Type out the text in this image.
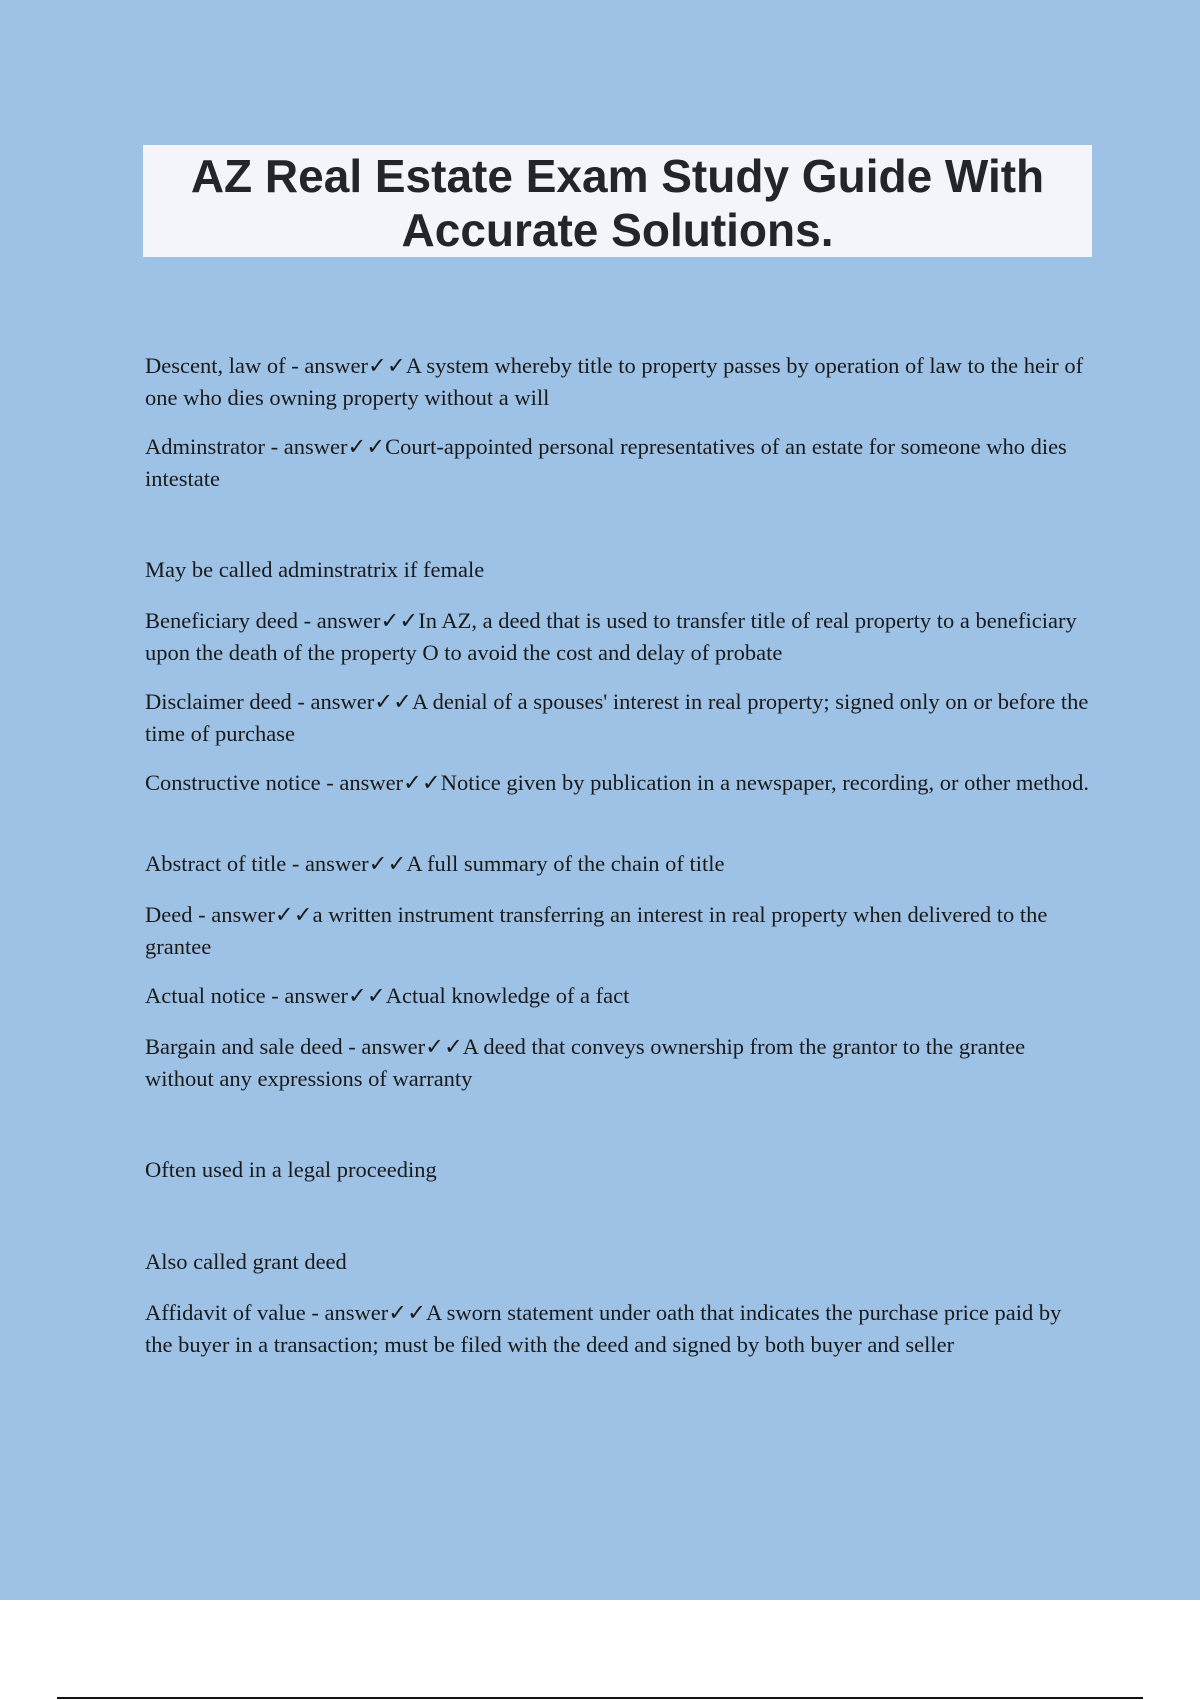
AZ Real Estate Exam Study Guide With Accurate Solutions.

Descent, law of - answer✓✓A system whereby title to property passes by operation of law to the heir of one who dies owning property without a will

Adminstrator - answer✓✓Court-appointed personal representatives of an estate for someone who dies intestate

May be called adminstratrix if female

Beneficiary deed - answer✓✓In AZ, a deed that is used to transfer title of real property to a beneficiary upon the death of the property O to avoid the cost and delay of probate

Disclaimer deed - answer✓✓A denial of a spouses' interest in real property; signed only on or before the time of purchase

Constructive notice - answer✓✓Notice given by publication in a newspaper, recording, or other method.

Abstract of title - answer✓✓A full summary of the chain of title

Deed - answer✓✓a written instrument transferring an interest in real property when delivered to the grantee

Actual notice - answer✓✓Actual knowledge of a fact

Bargain and sale deed - answer✓✓A deed that conveys ownership from the grantor to the grantee without any expressions of warranty

Often used in a legal proceeding

Also called grant deed

Affidavit of value - answer✓✓A sworn statement under oath that indicates the purchase price paid by the buyer in a transaction; must be filed with the deed and signed by both buyer and seller
